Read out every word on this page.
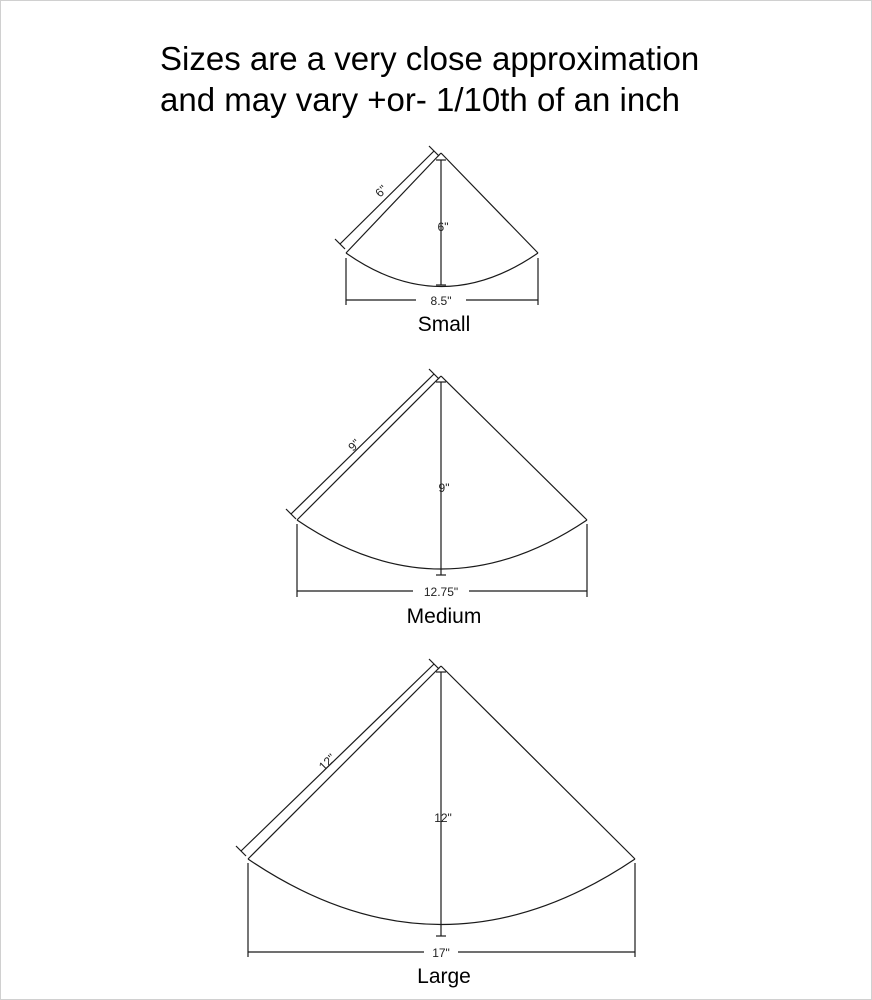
Sizes are a very close approximation
and may vary +or- 1/10th of an inch
6"
6"
8.5"
Small
9"
9"
12.75"
Medium
12"
12"
17"
Large
